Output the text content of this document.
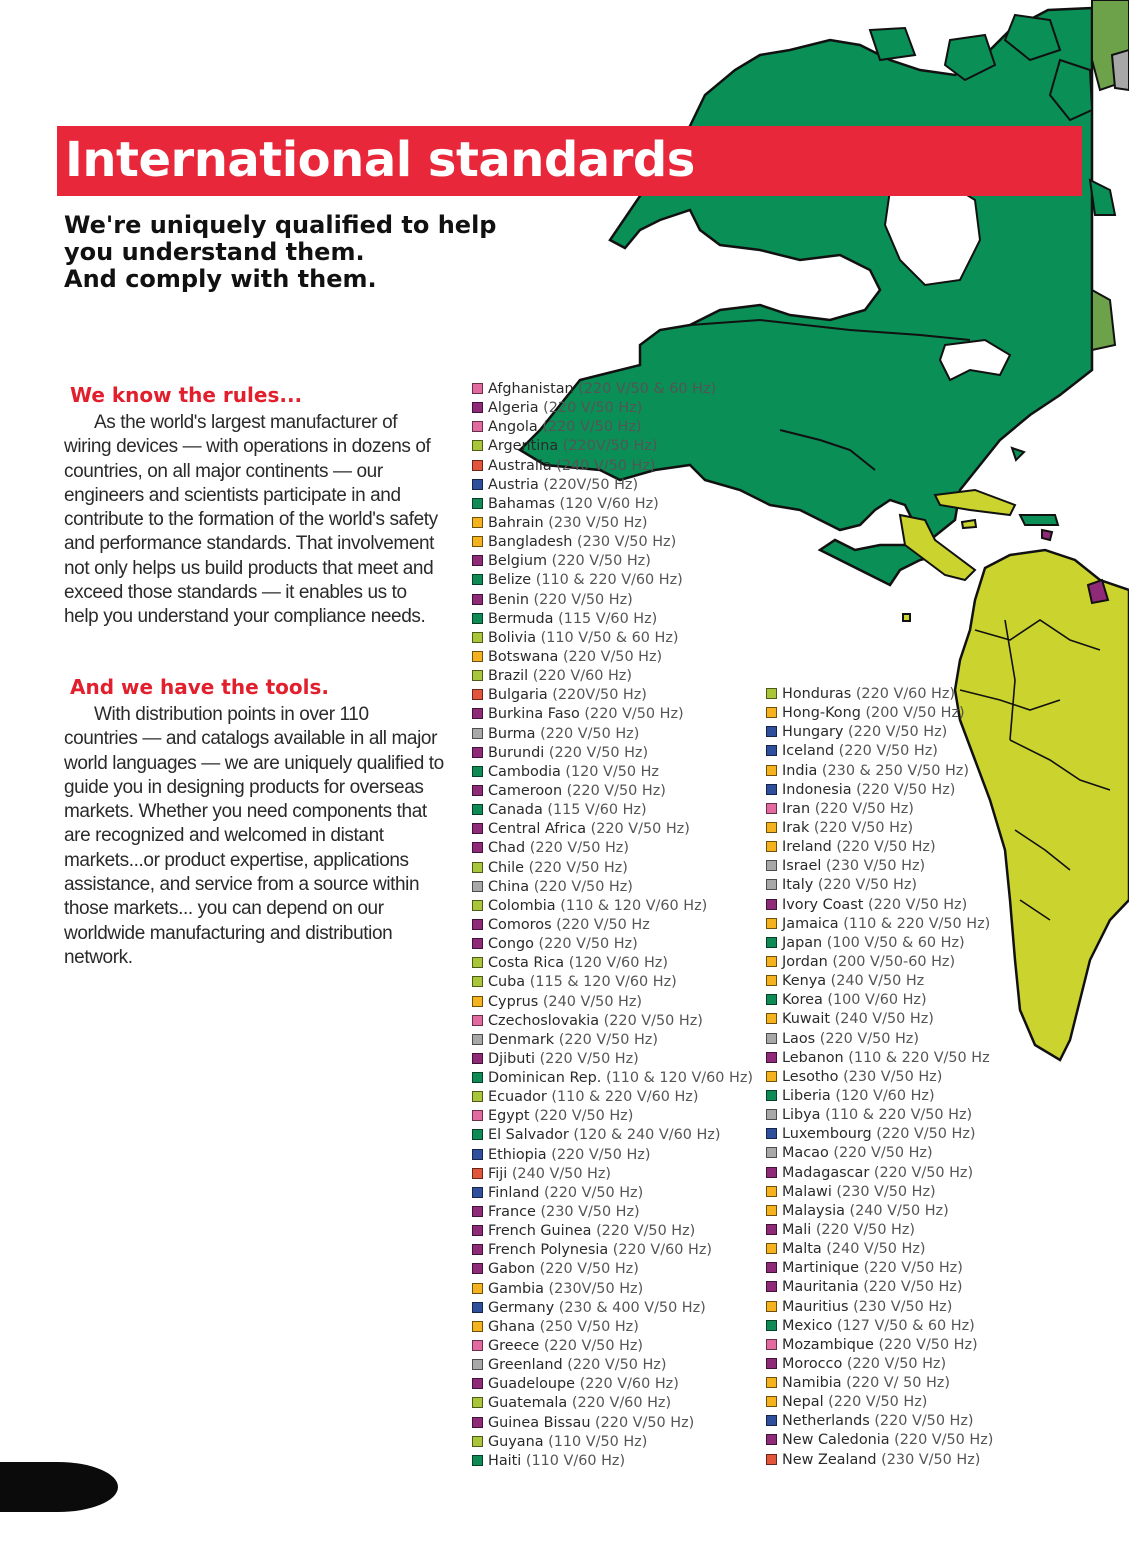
International standards
We're uniquely qualified to help
you understand them.
And comply with them.
We know the rules...

As the world's largest manufacturer of wiring devices — with operations in dozens of countries, on all major continents — our engineers and scientists participate in and contribute to the formation of the world's safety and performance standards. That involvement not only helps us build products that meet and exceed those standards — it enables us to help you understand your compliance needs.

And we have the tools.

With distribution points in over 110 countries — and catalogs available in all major world languages — we are uniquely qualified to guide you in designing products for overseas markets. Whether you need components that are recognized and welcomed in distant markets...or product expertise, applications assistance, and service from a source within those markets... you can depend on our worldwide manufacturing and distribution network.

Afghanistan (220 V/50 & 60 Hz)
Algeria (220 V/50 Hz)
Angola (220 V/50 Hz)
Argentina (220V/50 Hz)
Australia (240 V/50 Hz)
Austria (220V/50 Hz)
Bahamas (120 V/60 Hz)
Bahrain (230 V/50 Hz)
Bangladesh (230 V/50 Hz)
Belgium (220 V/50 Hz)
Belize (110 & 220 V/60 Hz)
Benin (220 V/50 Hz)
Bermuda (115 V/60 Hz)
Bolivia (110 V/50 & 60 Hz)
Botswana (220 V/50 Hz)
Brazil (220 V/60 Hz)
Bulgaria (220V/50 Hz)
Burkina Faso (220 V/50 Hz)
Burma (220 V/50 Hz)
Burundi (220 V/50 Hz)
Cambodia (120 V/50 Hz
Cameroon (220 V/50 Hz)
Canada (115 V/60 Hz)
Central Africa (220 V/50 Hz)
Chad (220 V/50 Hz)
Chile (220 V/50 Hz)
China (220 V/50 Hz)
Colombia (110 & 120 V/60 Hz)
Comoros (220 V/50 Hz
Congo (220 V/50 Hz)
Costa Rica (120 V/60 Hz)
Cuba (115 & 120 V/60 Hz)
Cyprus (240 V/50 Hz)
Czechoslovakia (220 V/50 Hz)
Denmark (220 V/50 Hz)
Djibuti (220 V/50 Hz)
Dominican Rep. (110 & 120 V/60 Hz)
Ecuador (110 & 220 V/60 Hz)
Egypt (220 V/50 Hz)
El Salvador (120 & 240 V/60 Hz)
Ethiopia (220 V/50 Hz)
Fiji (240 V/50 Hz)
Finland (220 V/50 Hz)
France (230 V/50 Hz)
French Guinea (220 V/50 Hz)
French Polynesia (220 V/60 Hz)
Gabon (220 V/50 Hz)
Gambia (230V/50 Hz)
Germany (230 & 400 V/50 Hz)
Ghana (250 V/50 Hz)
Greece (220 V/50 Hz)
Greenland (220 V/50 Hz)
Guadeloupe (220 V/60 Hz)
Guatemala (220 V/60 Hz)
Guinea Bissau (220 V/50 Hz)
Guyana (110 V/50 Hz)
Haiti (110 V/60 Hz)
Honduras (220 V/60 Hz)
Hong-Kong (200 V/50 Hz)
Hungary (220 V/50 Hz)
Iceland (220 V/50 Hz)
India (230 & 250 V/50 Hz)
Indonesia (220 V/50 Hz)
Iran (220 V/50 Hz)
Irak (220 V/50 Hz)
Ireland (220 V/50 Hz)
Israel (230 V/50 Hz)
Italy (220 V/50 Hz)
Ivory Coast (220 V/50 Hz)
Jamaica (110 & 220 V/50 Hz)
Japan (100 V/50 & 60 Hz)
Jordan (200 V/50-60 Hz)
Kenya (240 V/50 Hz
Korea (100 V/60 Hz)
Kuwait (240 V/50 Hz)
Laos (220 V/50 Hz)
Lebanon (110 & 220 V/50 Hz
Lesotho (230 V/50 Hz)
Liberia (120 V/60 Hz)
Libya (110 & 220 V/50 Hz)
Luxembourg (220 V/50 Hz)
Macao (220 V/50 Hz)
Madagascar (220 V/50 Hz)
Malawi (230 V/50 Hz)
Malaysia (240 V/50 Hz)
Mali (220 V/50 Hz)
Malta (240 V/50 Hz)
Martinique (220 V/50 Hz)
Mauritania (220 V/50 Hz)
Mauritius (230 V/50 Hz)
Mexico (127 V/50 & 60 Hz)
Mozambique (220 V/50 Hz)
Morocco (220 V/50 Hz)
Namibia (220 V/ 50 Hz)
Nepal (220 V/50 Hz)
Netherlands (220 V/50 Hz)
New Caledonia (220 V/50 Hz)
New Zealand (230 V/50 Hz)
